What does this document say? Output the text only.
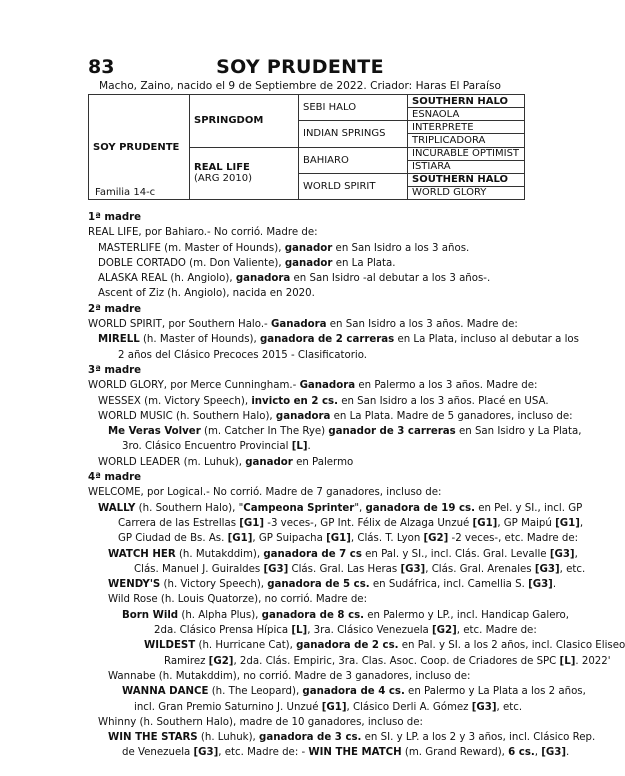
83	SOY PRUDENTE
Macho, Zaino, nacido el 9 de Septiembre de 2022. Criador: Haras El Paraíso
SOY PRUDENTE
Familia 14-c	SPRINGDOM	SEBI HALO	SOUTHERN HALO
			ESNAOLA
		INDIAN SPRINGS	INTERPRETE
			TRIPLICADORA
	REAL LIFE
(ARG 2010)	BAHIARO	INCURABLE OPTIMIST
			ISTIARA
		WORLD SPIRIT	SOUTHERN HALO
			WORLD GLORY

1ª madre

REAL LIFE, por Bahiaro.- No corrió. Madre de:

MASTERLIFE (m. Master of Hounds), ganador en San Isidro a los 3 años.

DOBLE CORTADO (m. Don Valiente), ganador en La Plata.

ALASKA REAL (h. Angiolo), ganadora en San Isidro -al debutar a los 3 años-.

Ascent of Ziz (h. Angiolo), nacida en 2020.

2ª madre

WORLD SPIRIT, por Southern Halo.- Ganadora en San Isidro a los 3 años. Madre de:

MIRELL (h. Master of Hounds), ganadora de 2 carreras en La Plata, incluso al debutar a los

2 años del Clásico Precoces 2015 - Clasificatorio.

3ª madre

WORLD GLORY, por Merce Cunningham.- Ganadora en Palermo a los 3 años. Madre de:

WESSEX (m. Victory Speech), invicto en 2 cs. en San Isidro a los 3 años. Placé en USA.

WORLD MUSIC (h. Southern Halo), ganadora en La Plata. Madre de 5 ganadores, incluso de:

Me Veras Volver (m. Catcher In The Rye) ganador de 3 carreras en San Isidro y La Plata,

3ro. Clásico Encuentro Provincial [L].

WORLD LEADER (m. Luhuk), ganador en Palermo

4ª madre

WELCOME, por Logical.- No corrió. Madre de 7 ganadores, incluso de:

WALLY (h. Southern Halo), "Campeona Sprinter", ganadora de 19 cs. en Pel. y SI., incl. GP

Carrera de las Estrellas [G1] -3 veces-, GP Int. Félix de Alzaga Unzué [G1], GP Maipú [G1],

GP Ciudad de Bs. As. [G1], GP Suipacha [G1], Clás. T. Lyon [G2] -2 veces-, etc. Madre de:

WATCH HER (h. Mutakddim), ganadora de 7 cs en Pal. y SI., incl. Clás. Gral. Levalle [G3],

Clás. Manuel J. Guiraldes [G3] Clás. Gral. Las Heras [G3], Clás. Gral. Arenales [G3], etc.

WENDY'S (h. Victory Speech), ganadora de 5 cs. en Sudáfrica, incl. Camellia S. [G3].

Wild Rose (h. Louis Quatorze), no corrió. Madre de:

Born Wild (h. Alpha Plus), ganadora de 8 cs. en Palermo y LP., incl. Handicap Galero,

2da. Clásico Prensa Hípica [L], 3ra. Clásico Venezuela [G2], etc. Madre de:

WILDEST (h. Hurricane Cat), ganadora de 2 cs. en Pal. y SI. a los 2 años, incl. Clasico Eliseo

Ramirez [G2], 2da. Clás. Empiric, 3ra. Clas. Asoc. Coop. de Criadores de SPC [L]. 2022'

Wannabe (h. Mutakddim), no corrió. Madre de 3 ganadores, incluso de:

WANNA DANCE (h. The Leopard), ganadora de 4 cs. en Palermo y La Plata a los 2 años,

incl. Gran Premio Saturnino J. Unzué [G1], Clásico Derli A. Gómez [G3], etc.

Whinny (h. Southern Halo), madre de 10 ganadores, incluso de:

WIN THE STARS (h. Luhuk), ganadora de 3 cs. en SI. y LP. a los 2 y 3 años, incl. Clásico Rep.

de Venezuela [G3], etc. Madre de: - WIN THE MATCH (m. Grand Reward), 6 cs., [G3].
